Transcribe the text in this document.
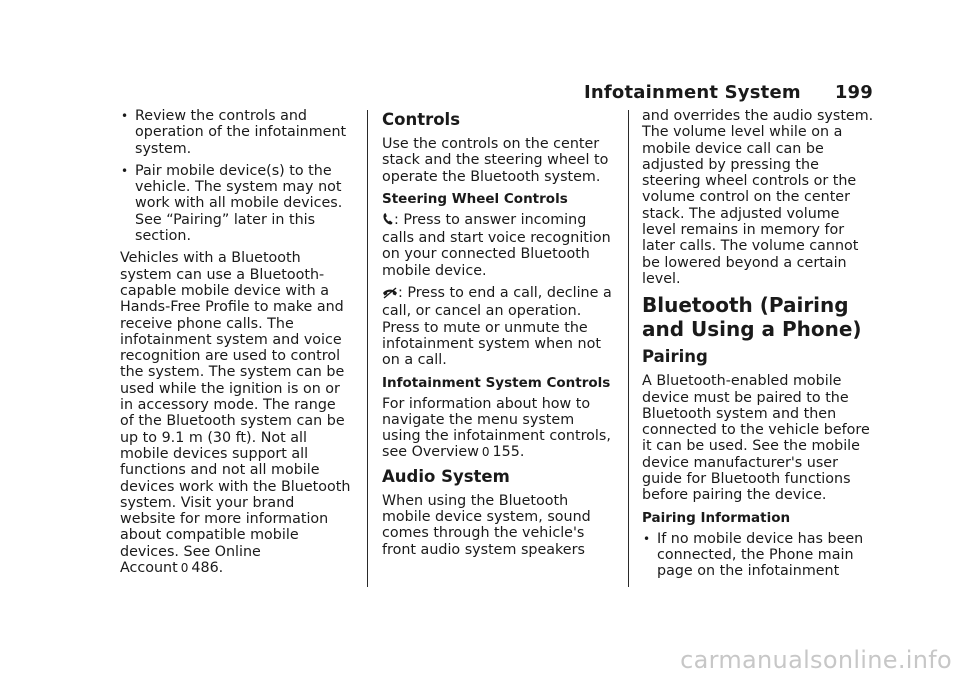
Infotainment System 199
• Review the controls and operation of the infotainment system.
• Pair mobile device(s) to the vehicle. The system may not work with all mobile devices. See “Pairing” later in this section.

Vehicles with a Bluetooth system can use a Bluetooth-capable mobile device with a Hands-Free Profile to make and receive phone calls. The infotainment system and voice recognition are used to control the system. The system can be used while the ignition is on or in accessory mode. The range of the Bluetooth system can be up to 9.1 m (30 ft). Not all mobile devices support all functions and not all mobile devices work with the Bluetooth system. Visit your brand website for more information about compatible mobile devices. See Online Account 0 486.

Controls

Use the controls on the center stack and the steering wheel to operate the Bluetooth system.

Steering Wheel Controls

: Press to answer incoming calls and start voice recognition on your connected Bluetooth mobile device.

: Press to end a call, decline a call, or cancel an operation. Press to mute or unmute the infotainment system when not on a call.

Infotainment System Controls

For information about how to navigate the menu system using the infotainment controls, see Overview 0 155.

Audio System

When using the Bluetooth mobile device system, sound comes through the vehicle's front audio system speakers

and overrides the audio system. The volume level while on a mobile device call can be adjusted by pressing the steering wheel controls or the volume control on the center stack. The adjusted volume level remains in memory for later calls. The volume cannot be lowered beyond a certain level.

Bluetooth (Pairing and Using a Phone)
Pairing

A Bluetooth-enabled mobile device must be paired to the Bluetooth system and then connected to the vehicle before it can be used. See the mobile device manufacturer's user guide for Bluetooth functions before pairing the device.

Pairing Information
• If no mobile device has been connected, the Phone main page on the infotainment
carmanualsonline.info
